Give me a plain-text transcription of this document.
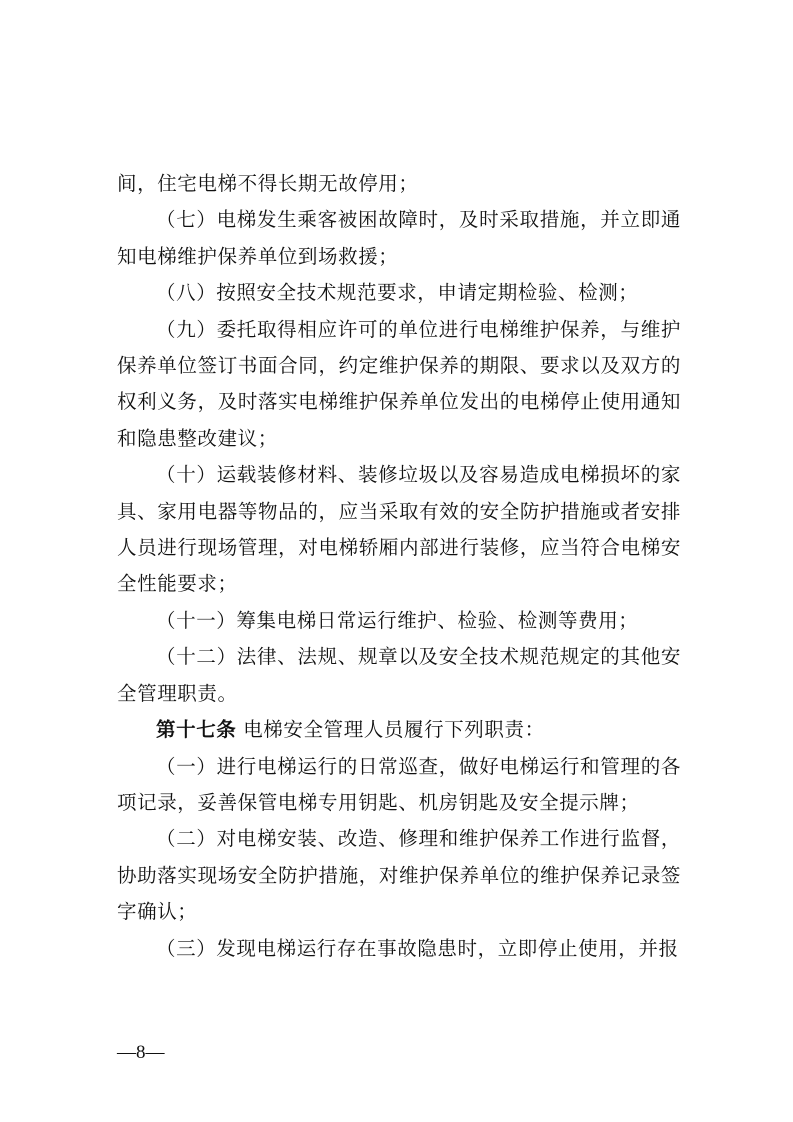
间，住宅电梯不得长期无故停用；

（七）电梯发生乘客被困故障时，及时采取措施，并立即通知电梯维护保养单位到场救援；

（八）按照安全技术规范要求，申请定期检验、检测；

（九）委托取得相应许可的单位进行电梯维护保养，与维护保养单位签订书面合同，约定维护保养的期限、要求以及双方的权利义务，及时落实电梯维护保养单位发出的电梯停止使用通知和隐患整改建议；

（十）运载装修材料、装修垃圾以及容易造成电梯损坏的家具、家用电器等物品的，应当采取有效的安全防护措施或者安排人员进行现场管理，对电梯轿厢内部进行装修，应当符合电梯安全性能要求；

（十一）筹集电梯日常运行维护、检验、检测等费用；

（十二）法律、法规、规章以及安全技术规范规定的其他安全管理职责。

第十七条 电梯安全管理人员履行下列职责：

（一）进行电梯运行的日常巡查，做好电梯运行和管理的各项记录，妥善保管电梯专用钥匙、机房钥匙及安全提示牌；

（二）对电梯安装、改造、修理和维护保养工作进行监督，协助落实现场安全防护措施，对维护保养单位的维护保养记录签字确认；

（三）发现电梯运行存在事故隐患时，立即停止使用，并报

—8—
